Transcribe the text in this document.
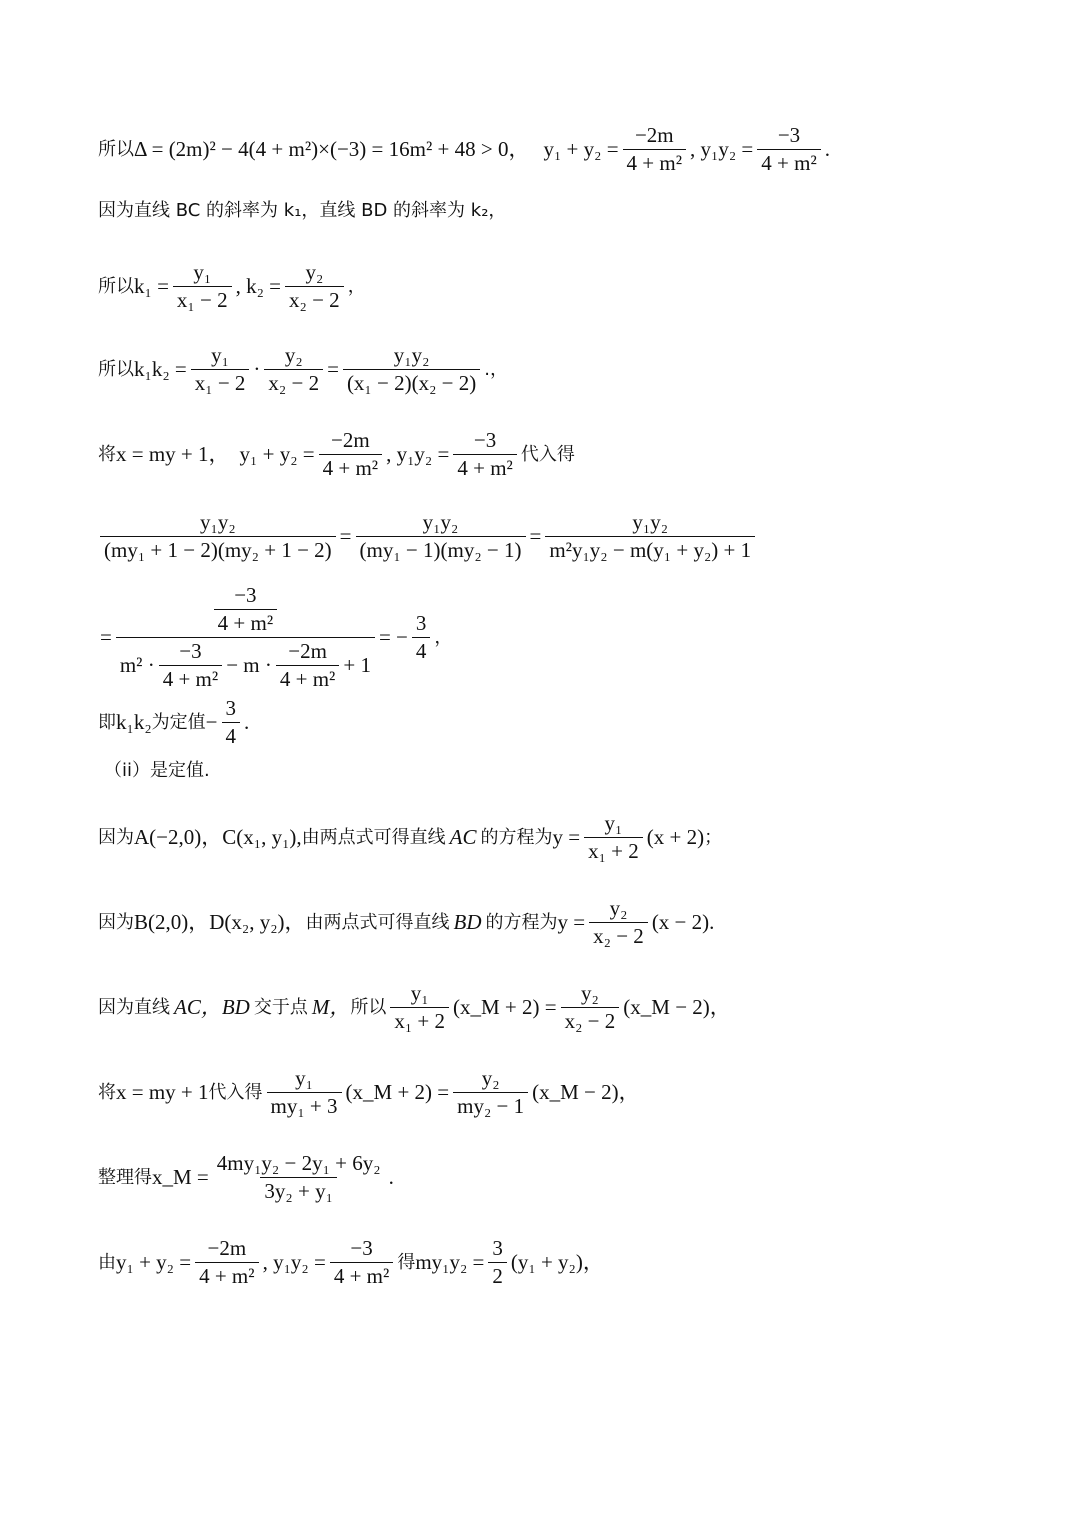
所以 Δ = (2m)² − 4(4 + m²)×(−3) = 16m² + 48 > 0， $y_1 + y_2 = \frac{-2m}{\text{4 + m²}}$ , $y_1y_2 = \frac{-3}{\text{4 + m²}}$ .
因为直线 BC 的斜率为 k₁，直线 BD 的斜率为 k₂，
所以 $k_1 = \frac{\text{y₁}}{\text{x₁ − 2}}$ , $k_2 = \frac{\text{y₂}}{\text{x₂ − 2}}$ ，
所以 $k_1k_2 = \frac{\text{y₁}}{\text{x₁ − 2}} \cdot \frac{\text{y₂}}{\text{x₂ − 2}} = \frac{\text{y₁y₂}}{\text{(x₁ − 2)(x₂ − 2)}}$ .，
将 x = my + 1， $y_1 + y_2 = \frac{-2m}{\text{4 + m²}}$ , $y_1y_2 = \frac{-3}{\text{4 + m²}}$ 代入得
$\frac{\text{y₁y₂}}{\text{(my₁ + 1 − 2)(my₂ + 1 − 2)}} = \frac{\text{y₁y₂}}{\text{(my₁ − 1)(my₂ − 1)}} = \frac{\text{y₁y₂}}{\text{m²y₁y₂ − m(y₁ + y₂) + 1}}$
=
$\frac{-3}{\text{4 + m²}}$
$m^2 \cdot \frac{-3}{\text{4 + m²}} - m \cdot \frac{-2m}{\text{4 + m²}} + 1$
= − $\frac{3}{4}$ ，
即 k₁k₂ 为定值 − $\frac{3}{4}$ .
（ii）是定值.
因为 A(−2,0)，C(x₁, y₁), 由两点式可得直线 AC 的方程为 $y = \frac{\text{y₁}}{\text{x₁ + 2}} (x + 2)$ ；
因为 B(2,0)，D(x₂, y₂)， 由两点式可得直线 BD 的方程为 $y = \frac{\text{y₂}}{\text{x₂ − 2}} (x - 2)$.
因为直线 AC，BD 交于点 M， 所以 $\frac{\text{y₁}}{\text{x₁ + 2}}$ (x_M + $2) = \frac{\text{y₂}}{\text{x₂ − 2}}$ (x_M − 2)，
将 x = my + 1 代入得 $\frac{\text{y₁}}{\text{my₁ + 3}}$ (x_M + $2) = \frac{\text{y₂}}{\text{my₂ − 1}}$ (x_M − 2)，
整理得 x_M = $\frac{\text{4my₁y₂ − 2y₁ + 6y₂}}{\text{3y₂ + y₁}}$ .
由 $y_1 + y_2 = \frac{-2m}{\text{4 + m²}}$ , $y_1y_2 = \frac{-3}{\text{4 + m²}}$ 得 $my_1y_2 = \frac{3}{2} (y_1 + y_2)$，
